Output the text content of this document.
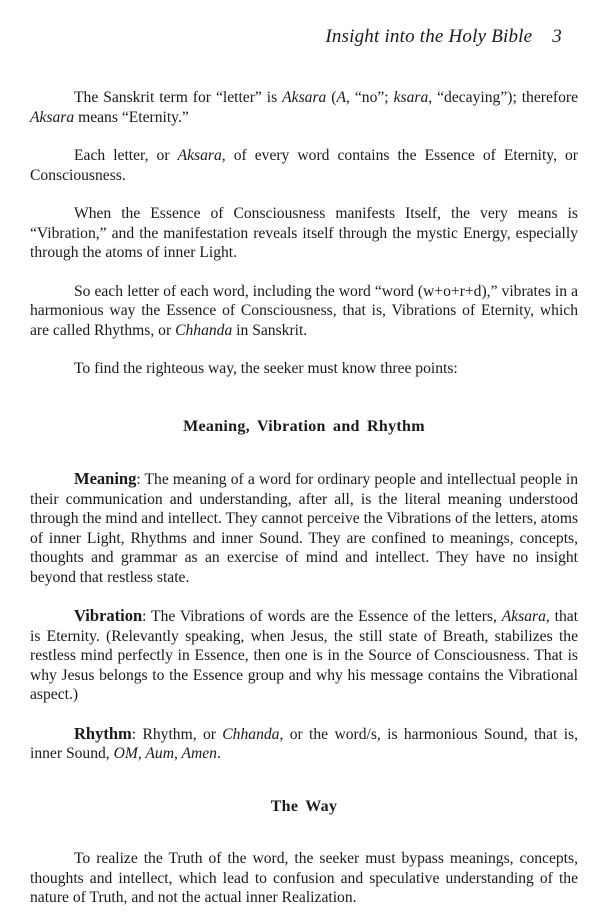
Insight into the Holy Bible 3

The Sanskrit term for “letter” is Aksara (A, “no”; ksara, “decaying”); therefore Aksara means “Eternity.”

Each letter, or Aksara, of every word contains the Essence of Eternity, or Consciousness.

When the Essence of Consciousness manifests Itself, the very means is “Vibration,” and the manifestation reveals itself through the mystic Energy, especially through the atoms of inner Light.

So each letter of each word, including the word “word (w+o+r+d),” vibrates in a harmonious way the Essence of Consciousness, that is, Vibrations of Eternity, which are called Rhythms, or Chhanda in Sanskrit.

To find the righteous way, the seeker must know three points:

Meaning, Vibration and Rhythm

Meaning: The meaning of a word for ordinary people and intellectual people in their communication and understanding, after all, is the literal meaning understood through the mind and intellect. They cannot perceive the Vibrations of the letters, atoms of inner Light, Rhythms and inner Sound. They are confined to meanings, concepts, thoughts and grammar as an exercise of mind and intellect. They have no insight beyond that restless state.

Vibration: The Vibrations of words are the Essence of the letters, Aksara, that is Eternity. (Relevantly speaking, when Jesus, the still state of Breath, stabilizes the restless mind perfectly in Essence, then one is in the Source of Consciousness. That is why Jesus belongs to the Essence group and why his message contains the Vibrational aspect.)

Rhythm: Rhythm, or Chhanda, or the word/s, is harmonious Sound, that is, inner Sound, OM, Aum, Amen.

The Way

To realize the Truth of the word, the seeker must bypass meanings, concepts, thoughts and intellect, which lead to confusion and speculative understanding of the nature of Truth, and not the actual inner Realization.
